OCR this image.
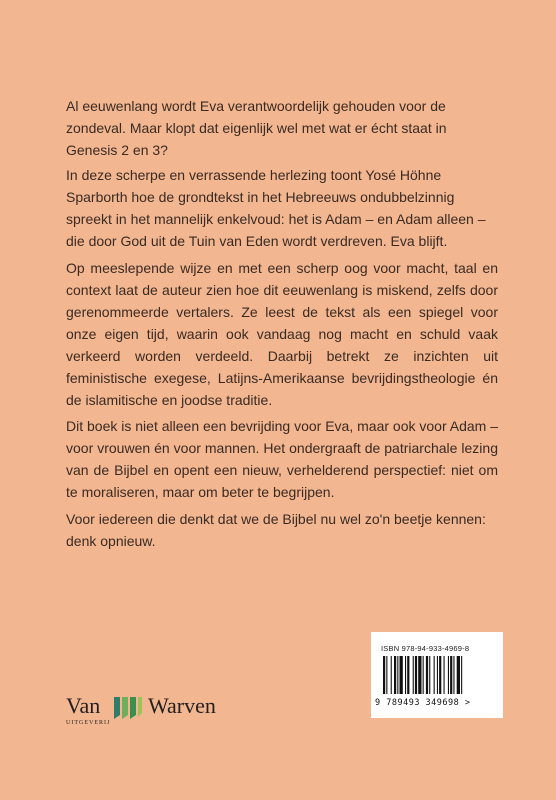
Al eeuwenlang wordt Eva verantwoordelijk gehouden voor de zondeval. Maar klopt dat eigenlijk wel met wat er écht staat in Genesis 2 en 3?

In deze scherpe en verrassende herlezing toont Yosé Höhne Sparborth hoe de grondtekst in het Hebreeuws ondubbelzinnig spreekt in het mannelijk enkelvoud: het is Adam – en Adam alleen – die door God uit de Tuin van Eden wordt verdreven. Eva blijft.

Op meeslepende wijze en met een scherp oog voor macht, taal en context laat de auteur zien hoe dit eeuwenlang is miskend, zelfs door gerenommeerde vertalers. Ze leest de tekst als een spiegel voor onze eigen tijd, waarin ook vandaag nog macht en schuld vaak verkeerd worden verdeeld. Daarbij betrekt ze inzichten uit feministische exegese, Latijns-Amerikaanse bevrijdingstheologie én de islamitische en joodse traditie.

Dit boek is niet alleen een bevrijding voor Eva, maar ook voor Adam – voor vrouwen én voor mannen. Het ondergraaft de patriarchale lezing van de Bijbel en opent een nieuw, verhelderend perspectief: niet om te moraliseren, maar om beter te begrijpen.

Voor iedereen die denkt dat we de Bijbel nu wel zo'n beetje kennen: denk opnieuw.

Van Warven
UITGEVERIJ
ISBN 978-94-933-4969-8
9 789493 349698 >
